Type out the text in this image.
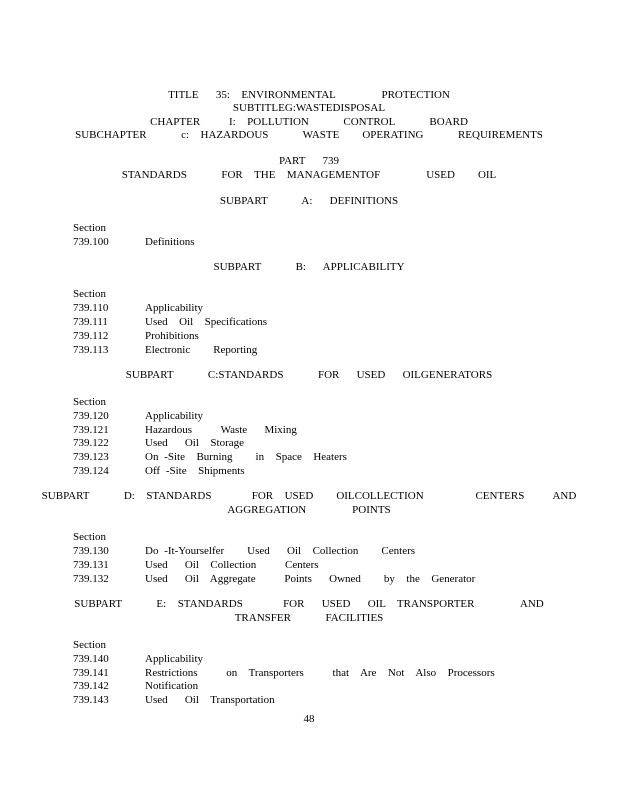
TITLE   35:  ENVIRONMENTAL        PROTECTION
SUBTITLEG:WASTEDISPOSAL
CHAPTER     I:  POLLUTION      CONTROL      BOARD
SUBCHAPTER      c:  HAZARDOUS      WASTE    OPERATING      REQUIREMENTS
PART   739
STANDARDS      FOR  THE  MANAGEMENTOF        USED    OIL
SUBPART      A:   DEFINITIONS
Section
739.100	Definitions
SUBPART      B:   APPLICABILITY
Section
739.110	Applicability
739.111	Used  Oil  Specifications
739.112	Prohibitions
739.113	Electronic    Reporting
SUBPART      C:STANDARDS      FOR   USED   OILGENERATORS
Section
739.120	Applicability
739.121	Hazardous     Waste   Mixing
739.122	Used   Oil  Storage
739.123	On -Site  Burning    in  Space  Heaters
739.124	Off -Site  Shipments
SUBPART      D:  STANDARDS       FOR  USED    OILCOLLECTION         CENTERS     AND
AGGREGATION        POINTS
Section
739.130	Do -It-Yourselfer    Used   Oil  Collection    Centers
739.131	Used   Oil  Collection     Centers
739.132	Used   Oil  Aggregate     Points   Owned    by  the  Generator
SUBPART      E:  STANDARDS       FOR   USED   OIL  TRANSPORTER        AND
TRANSFER      FACILITIES
Section
739.140	Applicability
739.141	Restrictions     on  Transporters     that  Are  Not  Also  Processors
739.142	Notification
739.143	Used   Oil  Transportation
48
